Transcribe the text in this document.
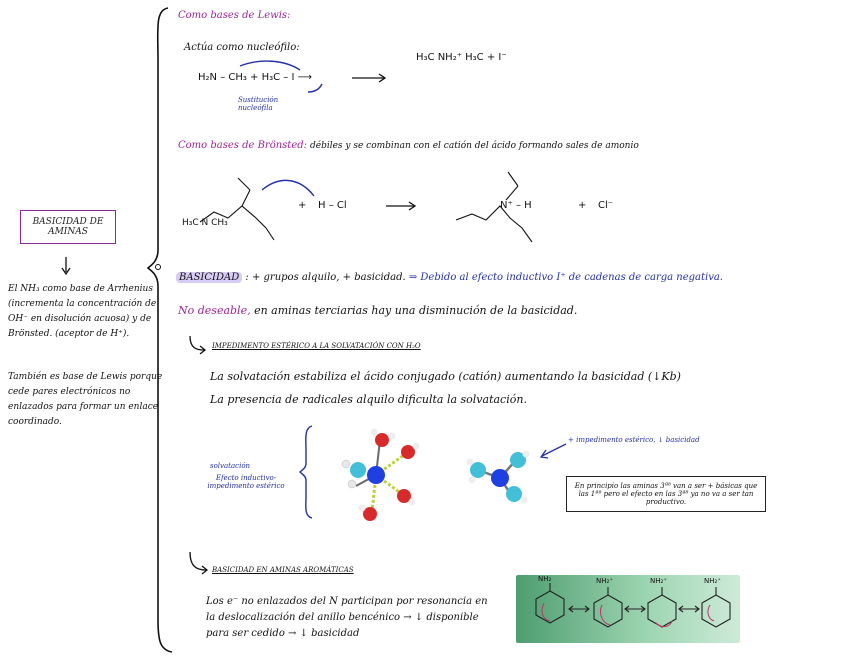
BASICIDAD DE AMINAS
El NH₃ como base de Arrhenius (incrementa la concentración de OH⁻ en disolución acuosa) y de Brönsted. (aceptor de H⁺).
También es base de Lewis porque cede pares electrónicos no enlazados para formar un enlace coordinado.
Como bases de Lewis:
Actúa como nucleófilo:
H₂N – CH₃ + H₃C – I ⟶
H₃C NH₂⁺ H₃C + I⁻
Sustitución nucleófila
Como bases de Brönsted: débiles y se combinan con el catión del ácido formando sales de amonio
H₃C N CH₃
+ H – Cl	N⁺ – H	+ Cl⁻
BASICIDAD : + grupos alquilo, + basicidad. ⇒ Debido al efecto inductivo I⁺ de cadenas de carga negativa.
No deseable, en aminas terciarias hay una disminución de la basicidad.
IMPEDIMENTO ESTÉRICO A LA SOLVATACIÓN CON H₂O
La solvatación estabiliza el ácido conjugado (catión) aumentando la basicidad (↓Kb)
La presencia de radicales alquilo dificulta la solvatación.
solvatación
Efecto inductivo-impedimento estérico
+ impedimento estérico, ↓ basicidad
En principio las aminas 3ª⁸ van a ser + básicas que las 1ª⁸ pero el efecto en las 3ª⁸ ya no va a ser tan productivo.
BASICIDAD EN AMINAS AROMÁTICAS
Los e⁻ no enlazados del N participan por resonancia en la deslocalización del anillo bencénico → ↓ disponible para ser cedido → ↓ basicidad
NH₂	NH₂⁺	NH₂⁺	NH₂⁺
